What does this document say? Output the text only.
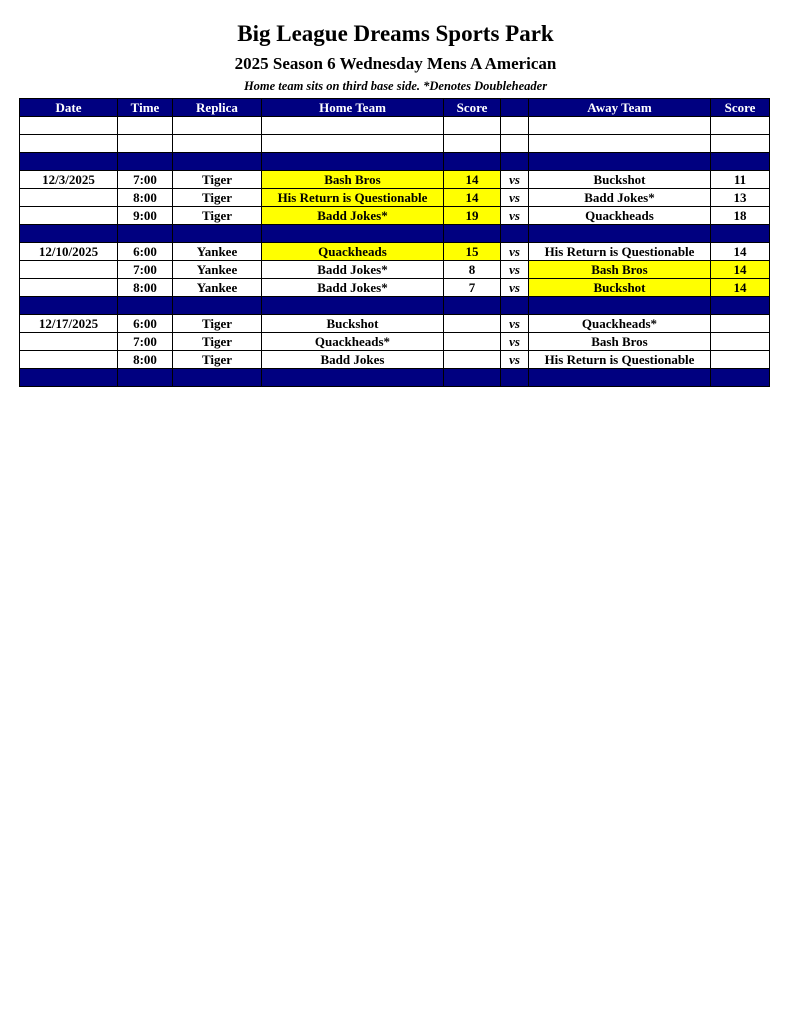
Big League Dreams Sports Park
2025 Season 6 Wednesday Mens A American
Home team sits on third base side. *Denotes Doubleheader
Date	Time	Replica	Home Team	Score		Away Team	Score

12/3/2025	7:00	Tiger	Bash Bros	14	vs	Buckshot	11
	8:00	Tiger	His Return is Questionable	14	vs	Badd Jokes*	13
	9:00	Tiger	Badd Jokes*	19	vs	Quackheads	18

12/10/2025	6:00	Yankee	Quackheads	15	vs	His Return is Questionable	14
	7:00	Yankee	Badd Jokes*	8	vs	Bash Bros	14
	8:00	Yankee	Badd Jokes*	7	vs	Buckshot	14

12/17/2025	6:00	Tiger	Buckshot		vs	Quackheads*	
	7:00	Tiger	Quackheads*		vs	Bash Bros	
	8:00	Tiger	Badd Jokes		vs	His Return is Questionable	
